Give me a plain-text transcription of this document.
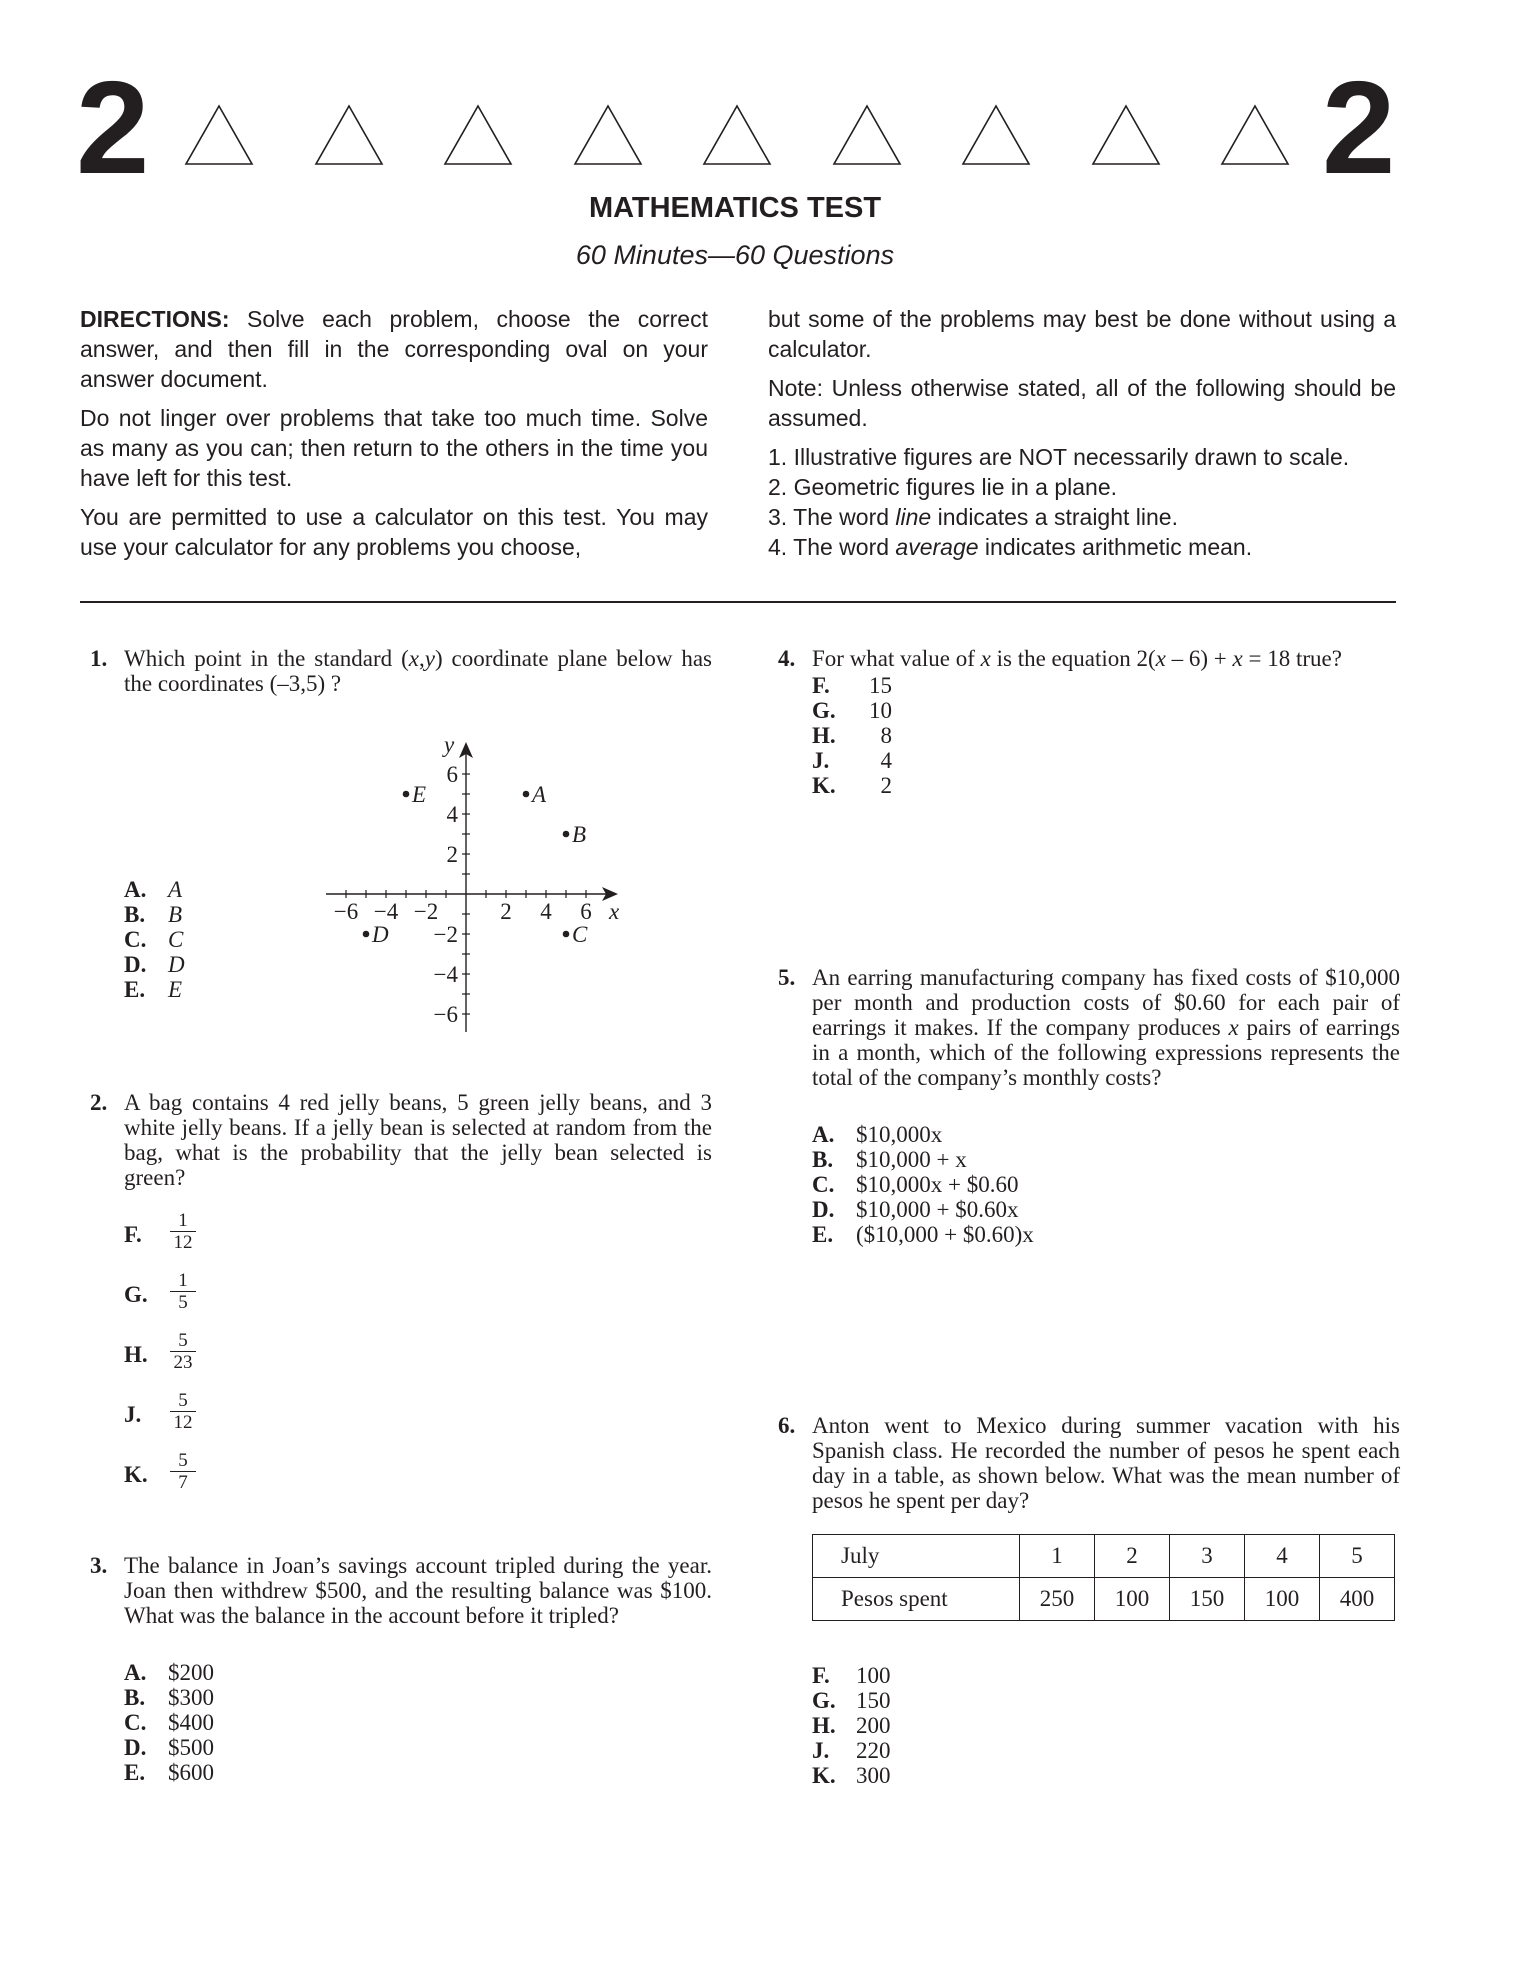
2	2
MATHEMATICS TEST
60 Minutes—60 Questions

DIRECTIONS: Solve each problem, choose the correct answer, and then fill in the corresponding oval on your answer document.

Do not linger over problems that take too much time. Solve as many as you can; then return to the others in the time you have left for this test.

You are permitted to use a calculator on this test. You may use your calculator for any problems you choose,

but some of the problems may best be done without using a calculator.

Note: Unless otherwise stated, all of the following should be assumed.

1. Illustrative figures are NOT necessarily drawn to scale.
2. Geometric figures lie in a plane.
3. The word line indicates a straight line.
4. The word average indicates arithmetic mean.
1. Which point in the standard (x,y) coordinate plane below has the coordinates (–3,5) ?
A. A
B. B
C. C
D. D
E. E
−6 −4 −2	2 4 6
6
4
2
−2
−4
−6
x
y
A
B
C
D
E
2. A bag contains 4 red jelly beans, 5 green jelly beans, and 3 white jelly beans. If a jelly bean is selected at random from the bag, what is the probability that the jelly bean selected is green?
F. $\frac{1}{12}$
G. $\frac{1}{5}$
H. $\frac{5}{23}$
J. $\frac{5}{12}$
K. $\frac{5}{7}$
3. The balance in Joan’s savings account tripled during the year. Joan then withdrew $500, and the resulting balance was $100. What was the balance in the account before it tripled?
A. $200
B. $300
C. $400
D. $500
E. $600
4. For what value of x is the equation 2(x – 6) + x = 18 true?
F. 15
G. 10
H. 8
J. 4
K. 2
5. An earring manufacturing company has fixed costs of $10,000 per month and production costs of $0.60 for each pair of earrings it makes. If the company produces x pairs of earrings in a month, which of the following expressions represents the total of the company’s monthly costs?
A. $10,000x
B. $10,000 + x
C. $10,000x + $0.60
D. $10,000 + $0.60x
E. ($10,000 + $0.60)x
6. Anton went to Mexico during summer vacation with his Spanish class. He recorded the number of pesos he spent each day in a table, as shown below. What was the mean number of pesos he spent per day?
July	1	2	3	4	5
Pesos spent	250	100	150	100	400
F. 100
G. 150
H. 200
J. 220
K. 300
